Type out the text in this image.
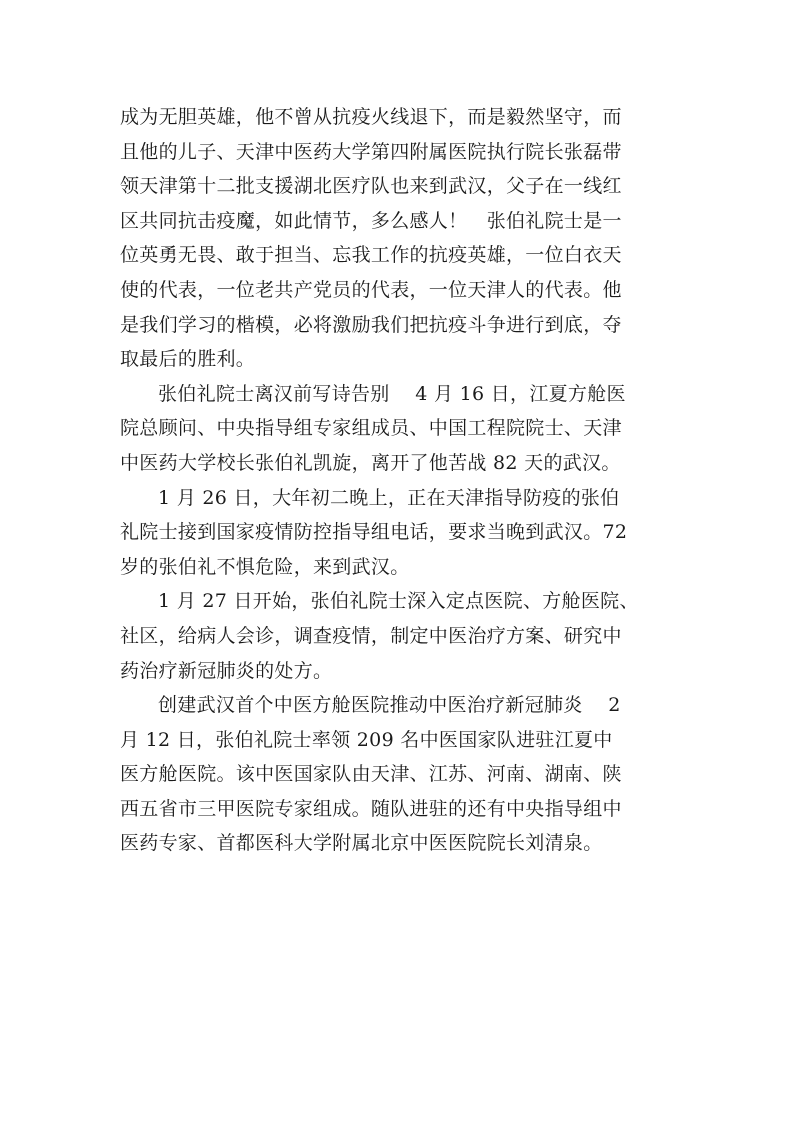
成为无胆英雄，他不曾从抗疫火线退下，而是毅然坚守，而
且他的儿子、天津中医药大学第四附属医院执行院长张磊带
领天津第十二批支援湖北医疗队也来到武汉，父子在一线红
区共同抗击疫魔，如此情节，多么感人！　张伯礼院士是一
位英勇无畏、敢于担当、忘我工作的抗疫英雄，一位白衣天
使的代表，一位老共产党员的代表，一位天津人的代表。他
是我们学习的楷模，必将激励我们把抗疫斗争进行到底，夺
取最后的胜利。
张伯礼院士离汉前写诗告别　 4 月 16 日，江夏方舱医
院总顾问、中央指导组专家组成员、中国工程院院士、天津
中医药大学校长张伯礼凯旋，离开了他苦战 82 天的武汉。
1 月 26 日，大年初二晚上，正在天津指导防疫的张伯
礼院士接到国家疫情防控指导组电话，要求当晚到武汉。72
岁的张伯礼不惧危险，来到武汉。
1 月 27 日开始，张伯礼院士深入定点医院、方舱医院、
社区，给病人会诊，调查疫情，制定中医治疗方案、研究中
药治疗新冠肺炎的处方。
创建武汉首个中医方舱医院推动中医治疗新冠肺炎　 2
月 12 日，张伯礼院士率领 209 名中医国家队进驻江夏中
医方舱医院。该中医国家队由天津、江苏、河南、湖南、陕
西五省市三甲医院专家组成。随队进驻的还有中央指导组中
医药专家、首都医科大学附属北京中医医院院长刘清泉。
